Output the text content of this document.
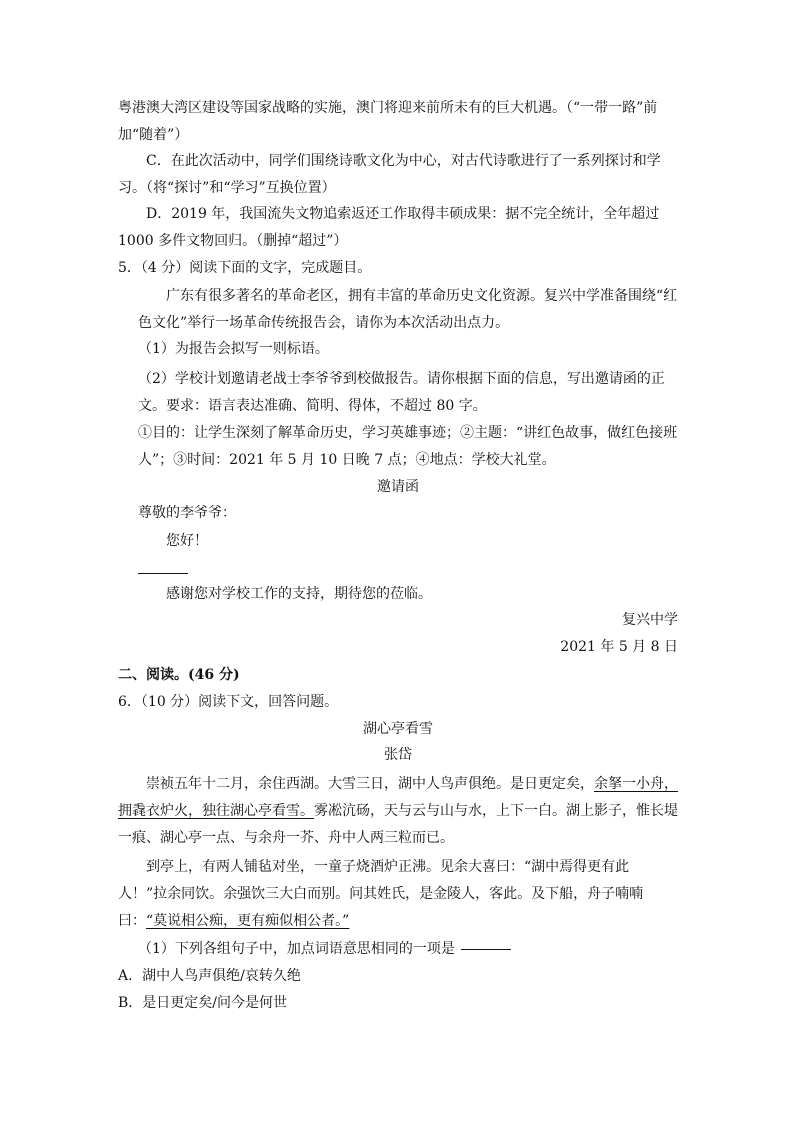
粤港澳大湾区建设等国家战略的实施，澳门将迎来前所未有的巨大机遇。（“一带一路”前加“随着”）

C．在此次活动中，同学们围绕诗歌文化为中心，对古代诗歌进行了一系列探讨和学习。（将“探讨”和“学习”互换位置）

D．2019 年，我国流失文物追索返还工作取得丰硕成果：据不完全统计，全年超过 1000 多件文物回归。（删掉“超过”）

5．（4 分）阅读下面的文字，完成题目。

广东有很多著名的革命老区，拥有丰富的革命历史文化资源。复兴中学准备围绕“红色文化”举行一场革命传统报告会，请你为本次活动出点力。

（1）为报告会拟写一则标语。

（2）学校计划邀请老战士李爷爷到校做报告。请你根据下面的信息，写出邀请函的正文。要求：语言表达准确、简明、得体，不超过 80 字。

①目的：让学生深刻了解革命历史，学习英雄事迹；②主题：“讲红色故事，做红色接班人”；③时间：2021 年 5 月 10 日晚 7 点；④地点：学校大礼堂。

邀请函

尊敬的李爷爷：

您好！

感谢您对学校工作的支持，期待您的莅临。

复兴中学

2021 年 5 月 8 日

二、阅读。(46 分)

6．（10 分）阅读下文，回答问题。

湖心亭看雪

张岱

崇祯五年十二月，余住西湖。大雪三日，湖中人鸟声俱绝。是日更定矣，余拏一小舟，拥毳衣炉火，独往湖心亭看雪。雾凇沆砀，天与云与山与水，上下一白。湖上影子，惟长堤一痕、湖心亭一点、与余舟一芥、舟中人两三粒而已。

到亭上，有两人铺毡对坐，一童子烧酒炉正沸。见余大喜曰：“湖中焉得更有此人！”拉余同饮。余强饮三大白而别。问其姓氏，是金陵人，客此。及下船，舟子喃喃曰：“莫说相公痴，更有痴似相公者。”

（1）下列各组句子中，加点词语意思相同的一项是

A．湖中人鸟声俱绝/哀转久绝

B．是日更定矣/问今是何世
